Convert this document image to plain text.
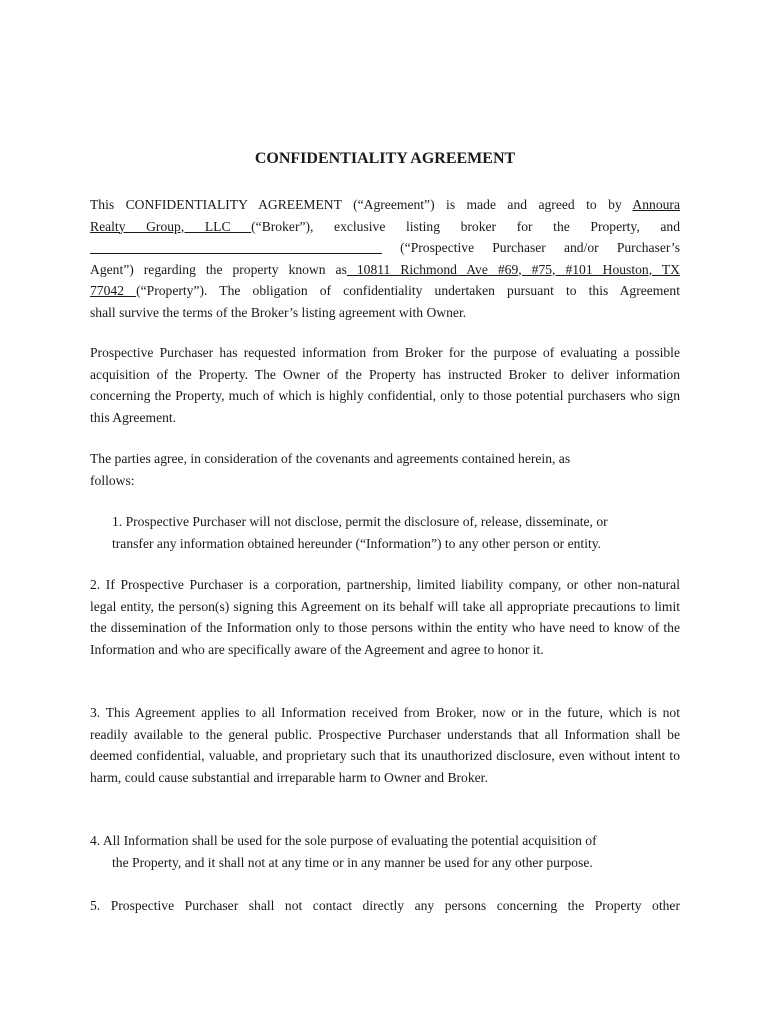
CONFIDENTIALITY AGREEMENT
This CONFIDENTIALITY AGREEMENT (“Agreement”) is made and agreed to by Annoura
Realty Group, LLC (“Broker”), exclusive listing broker for the Property, and
(“Prospective Purchaser and/or Purchaser’s
Agent”) regarding the property known as 10811 Richmond Ave #69, #75, #101 Houston, TX
77042 (“Property”). The obligation of confidentiality undertaken pursuant to this Agreement
shall survive the terms of the Broker’s listing agreement with Owner.
Prospective Purchaser has requested information from Broker for the purpose of evaluating a possible acquisition of the Property. The Owner of the Property has instructed Broker to deliver information concerning the Property, much of which is highly confidential, only to those potential purchasers who sign this Agreement.
The parties agree, in consideration of the covenants and agreements contained herein, as
follows:
1. Prospective Purchaser will not disclose, permit the disclosure of, release, disseminate, or
transfer any information obtained hereunder (“Information”) to any other person or entity.
2. If Prospective Purchaser is a corporation, partnership, limited liability company, or other non-natural legal entity, the person(s) signing this Agreement on its behalf will take all appropriate precautions to limit the dissemination of the Information only to those persons within the entity who have need to know of the Information and who are specifically aware of the Agreement and agree to honor it.
3. This Agreement applies to all Information received from Broker, now or in the future, which is not readily available to the general public. Prospective Purchaser understands that all Information shall be deemed confidential, valuable, and proprietary such that its unauthorized disclosure, even without intent to harm, could cause substantial and irreparable harm to Owner and Broker.
4. All Information shall be used for the sole purpose of evaluating the potential acquisition of
the Property, and it shall not at any time or in any manner be used for any other purpose.
5. Prospective Purchaser shall not contact directly any persons concerning the Property other
